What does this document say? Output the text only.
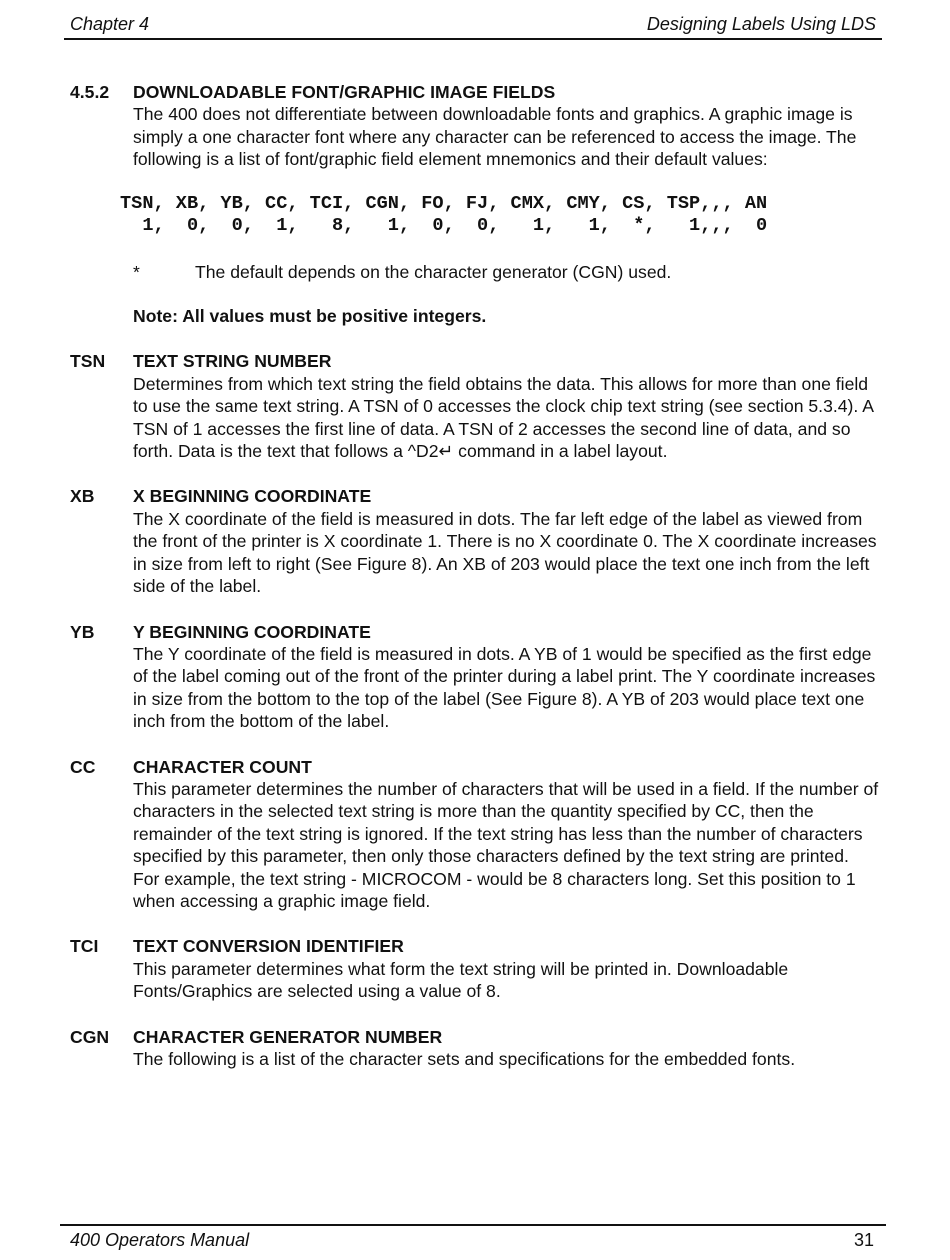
Chapter 4	Designing Labels Using LDS
4.5.2	DOWNLOADABLE FONT/GRAPHIC IMAGE FIELDS
The 400 does not differentiate between downloadable fonts and graphics. A graphic image is simply a one character font where any character can be referenced to access the image. The following is a list of font/graphic field element mnemonics and their default values:
TSN, XB, YB, CC, TCI, CGN, FO, FJ, CMX, CMY, CS, TSP,,, AN
1,  0,  0,  1,   8,   1,  0,  0,   1,   1,  *,   1,,,  0
*	The default depends on the character generator (CGN) used.
Note: All values must be positive integers.
TSN	TEXT STRING NUMBER
Determines from which text string the field obtains the data. This allows for more than one field to use the same text string. A TSN of 0 accesses the clock chip text string (see section 5.3.4). A TSN of 1 accesses the first line of data. A TSN of 2 accesses the second line of data, and so forth. Data is the text that follows a ^D2↵ command in a label layout.
XB	X BEGINNING COORDINATE
The X coordinate of the field is measured in dots. The far left edge of the label as viewed from the front of the printer is X coordinate 1. There is no X coordinate 0. The X coordinate increases in size from left to right (See Figure 8). An XB of 203 would place the text one inch from the left side of the label.
YB	Y BEGINNING COORDINATE
The Y coordinate of the field is measured in dots. A YB of 1 would be specified as the first edge of the label coming out of the front of the printer during a label print. The Y coordinate increases in size from the bottom to the top of the label (See Figure 8). A YB of 203 would place text one inch from the bottom of the label.
CC	CHARACTER COUNT
This parameter determines the number of characters that will be used in a field. If the number of characters in the selected text string is more than the quantity specified by CC, then the remainder of the text string is ignored. If the text string has less than the number of characters specified by this parameter, then only those characters defined by the text string are printed. For example, the text string - MICROCOM - would be 8 characters long. Set this position to 1 when accessing a graphic image field.
TCI	TEXT CONVERSION IDENTIFIER
This parameter determines what form the text string will be printed in. Downloadable Fonts/Graphics are selected using a value of 8.
CGN	CHARACTER GENERATOR NUMBER
The following is a list of the character sets and specifications for the embedded fonts.
400 Operators Manual	31
